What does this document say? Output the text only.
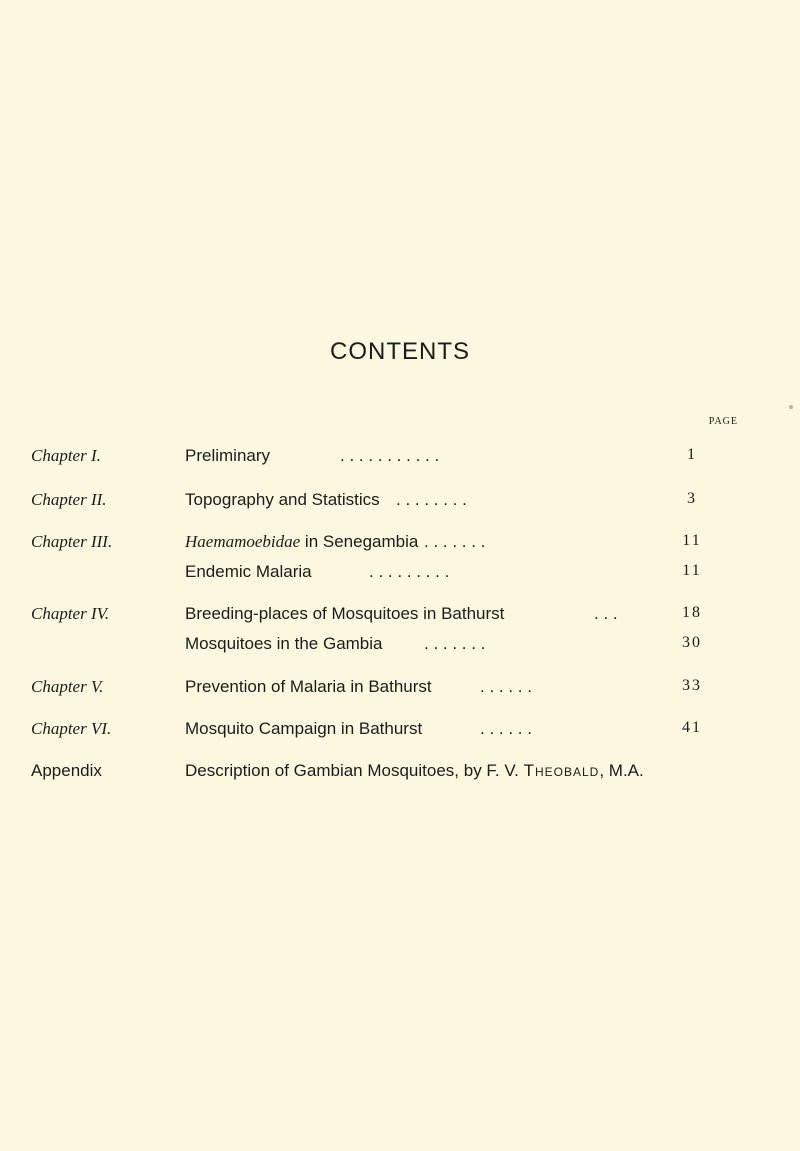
CONTENTS
PAGE
Chapter I.	Preliminary	. . . . . . . . . . .	1
Chapter II.	Topography and Statistics . . . . . . . .	3
Chapter III.	Haemamoebidae in Senegambia . . . . . . .	11
Endemic Malaria	. . . . . . . . .	11
Chapter IV.	Breeding-places of Mosquitoes in Bathurst	. . .	18
Mosquitoes in the Gambia . . . . . . .	30
Chapter V.	Prevention of Malaria in Bathurst	. . . . . .	33
Chapter VI.	Mosquito Campaign in Bathurst	. . . . . .	41
Appendix	Description of Gambian Mosquitoes, by F. V. Theobald, M.A.
